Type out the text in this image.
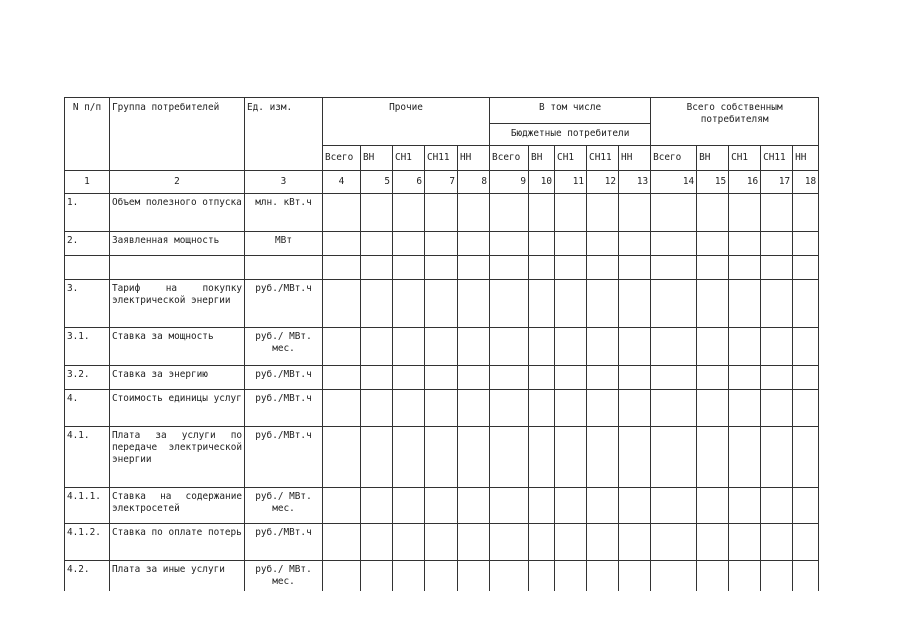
N п/п	Группа потребителей	Ед. изм.	Прочие					В том числе					Всего собственным потребителям				
								Бюджетные потребители									
			Всего	ВН	СН1	СН11	НН	Всего	ВН	СН1	СН11	НН	Всего	ВН	СН1	СН11	НН
1	2	3	4	5	6	7	8	9	10	11	12	13	14	15	16	17	18
1.	Объем полезного отпуска	млн. кВт.ч															
2.	Заявленная мощность	МВт															

3.	Тариф на покупку электрической энергии	руб./МВт.ч															
3.1.	Ставка за мощность	руб./ МВт. мес.															
3.2.	Ставка за энергию	руб./МВт.ч															
4.	Стоимость единицы услуг	руб./МВт.ч															
4.1.	Плата за услуги по передаче электрической энергии	руб./МВт.ч															
4.1.1.	Ставка на содержание электросетей	руб./ МВт. мес.															
4.1.2.	Ставка по оплате потерь	руб./МВт.ч															
4.2.	Плата за иные услуги	руб./ МВт. мес.															
